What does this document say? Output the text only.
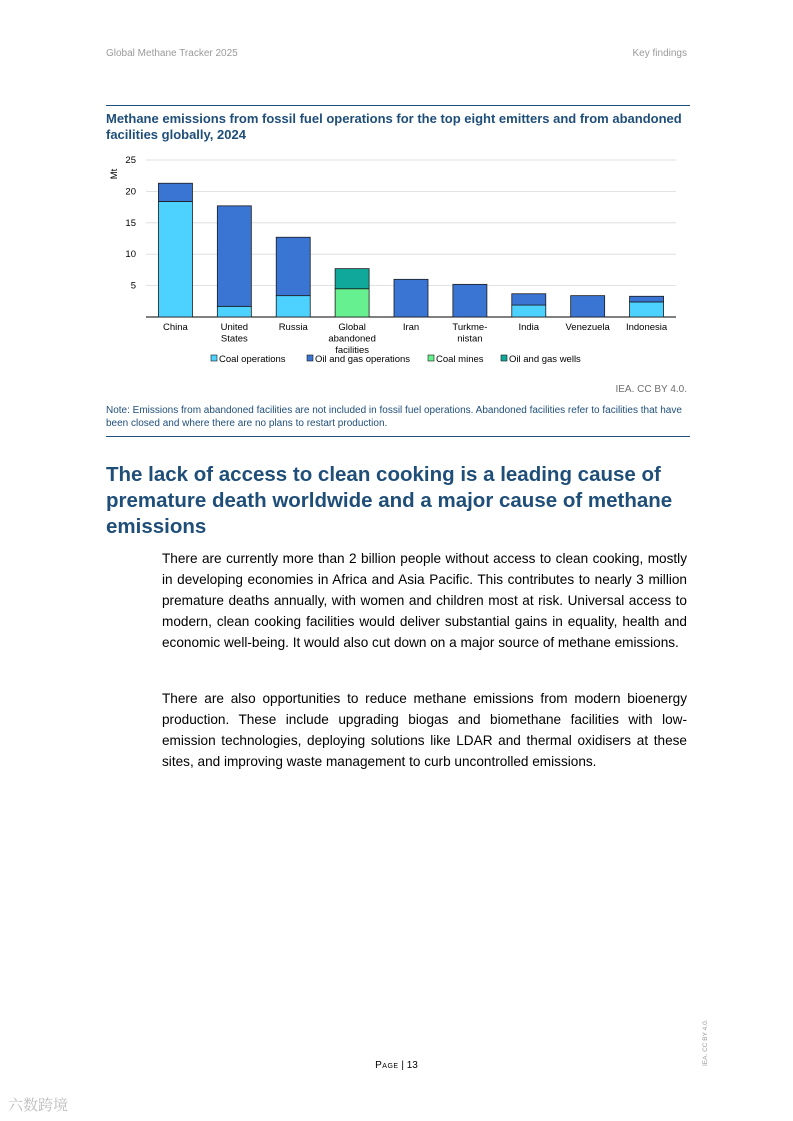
Global Methane Tracker 2025	Key findings
Methane emissions from fossil fuel operations for the top eight emitters and from abandoned facilities globally, 2024
5
10
15
20
25
Mt
China	United
States
Russia	Global
abandoned
facilities
Iran	Turkme-
nistan
India	Venezuela Indonesia
Coal operations	Oil and gas operations	Coal mines	Oil and gas wells
IEA. CC BY 4.0.
Note: Emissions from abandoned facilities are not included in fossil fuel operations. Abandoned facilities refer to facilities that have been closed and where there are no plans to restart production.
The lack of access to clean cooking is a leading cause of premature death worldwide and a major cause of methane emissions
There are currently more than 2 billion people without access to clean cooking, mostly in developing economies in Africa and Asia Pacific. This contributes to nearly 3 million premature deaths annually, with women and children most at risk. Universal access to modern, clean cooking facilities would deliver substantial gains in equality, health and economic well-being. It would also cut down on a major source of methane emissions.
There are also opportunities to reduce methane emissions from modern bioenergy production. These include upgrading biogas and biomethane facilities with low-emission technologies, deploying solutions like LDAR and thermal oxidisers at these sites, and improving waste management to curb uncontrolled emissions.
Page | 13	IEA. CC BY 4.0.
六数跨境
